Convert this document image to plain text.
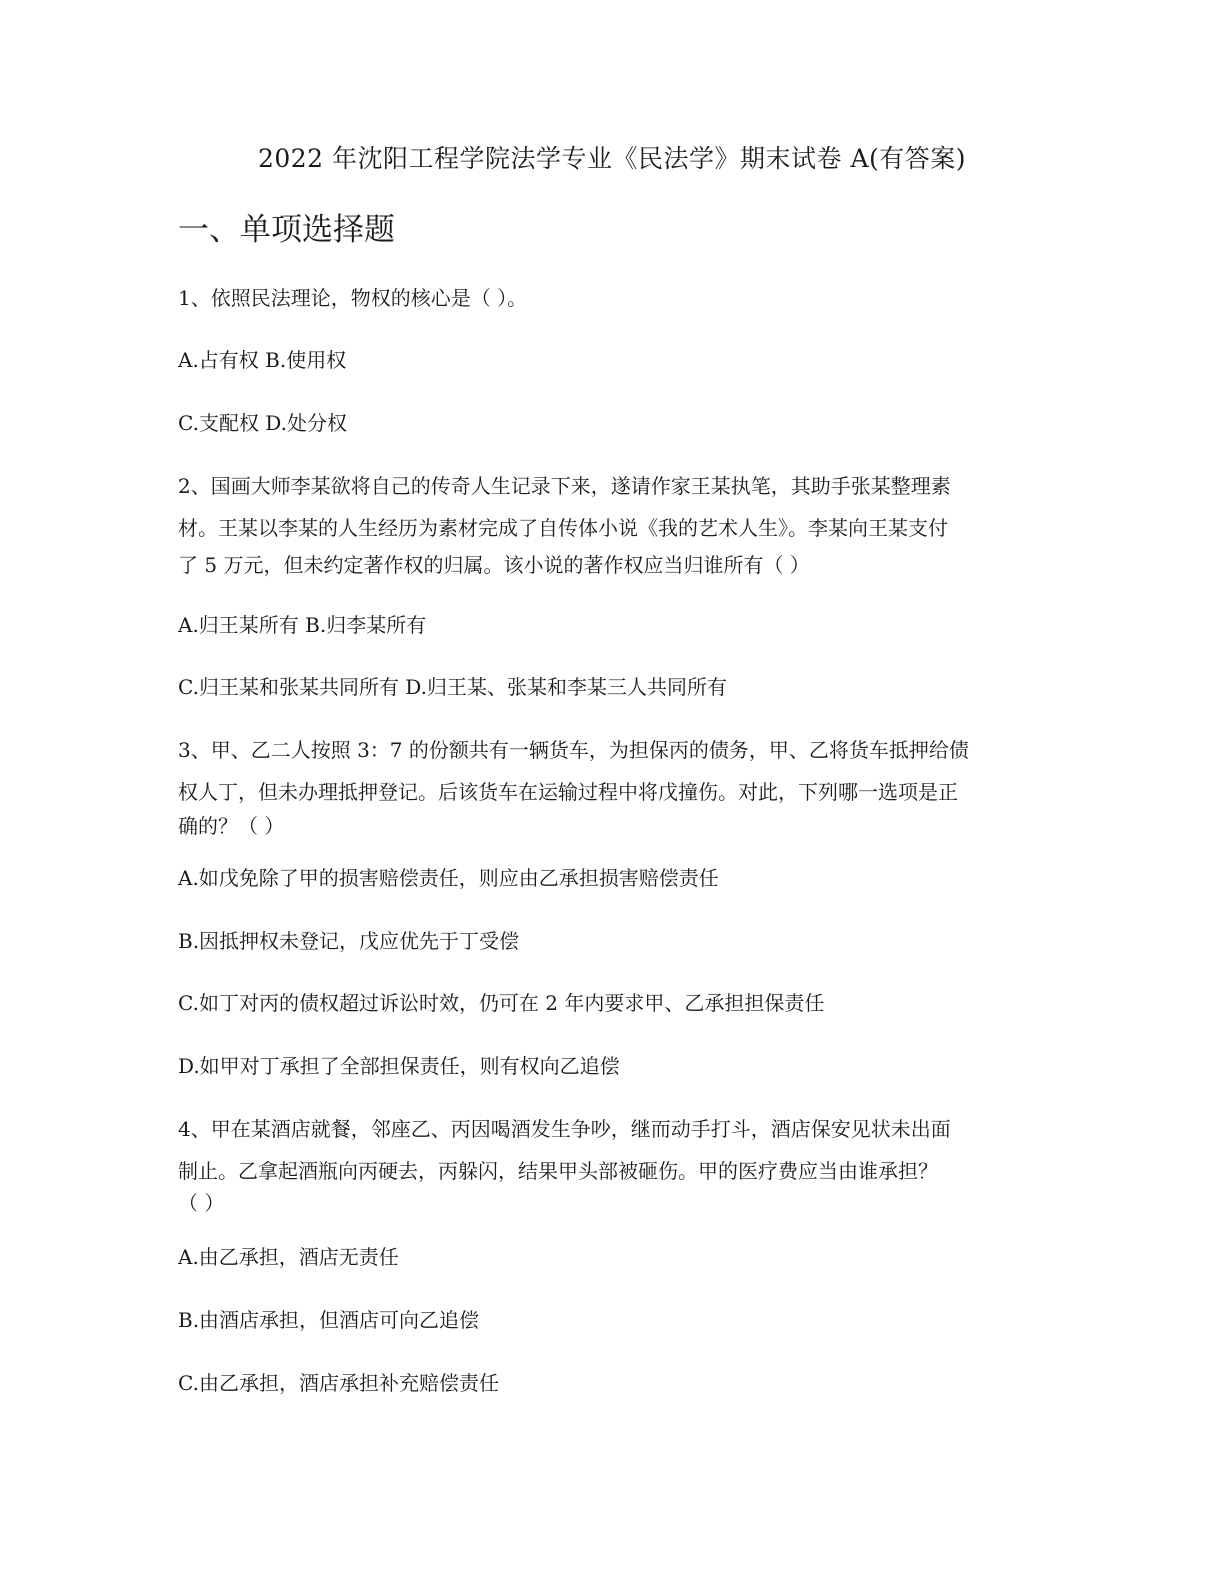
2022 年沈阳工程学院法学专业《民法学》期末试卷 A(有答案)
一、单项选择题
1、依照民法理论，物权的核心是（ ）。
A.占有权 B.使用权
C.支配权 D.处分权
2、国画大师李某欲将自己的传奇人生记录下来，遂请作家王某执笔，其助手张某整理素
材。王某以李某的人生经历为素材完成了自传体小说《我的艺术人生》。李某向王某支付
了 5 万元，但未约定著作权的归属。该小说的著作权应当归谁所有（ ）
A.归王某所有 B.归李某所有
C.归王某和张某共同所有 D.归王某、张某和李某三人共同所有
3、甲、乙二人按照 3：7 的份额共有一辆货车，为担保丙的债务，甲、乙将货车抵押给债
权人丁，但未办理抵押登记。后该货车在运输过程中将戊撞伤。对此，下列哪一选项是正
确的？（ ）
A.如戊免除了甲的损害赔偿责任，则应由乙承担损害赔偿责任
B.因抵押权未登记，戊应优先于丁受偿
C.如丁对丙的债权超过诉讼时效，仍可在 2 年内要求甲、乙承担担保责任
D.如甲对丁承担了全部担保责任，则有权向乙追偿
4、甲在某酒店就餐，邻座乙、丙因喝酒发生争吵，继而动手打斗，酒店保安见状未出面
制止。乙拿起酒瓶向丙硬去，丙躲闪，结果甲头部被砸伤。甲的医疗费应当由谁承担？
（ ）
A.由乙承担，酒店无责任
B.由酒店承担，但酒店可向乙追偿
C.由乙承担，酒店承担补充赔偿责任
